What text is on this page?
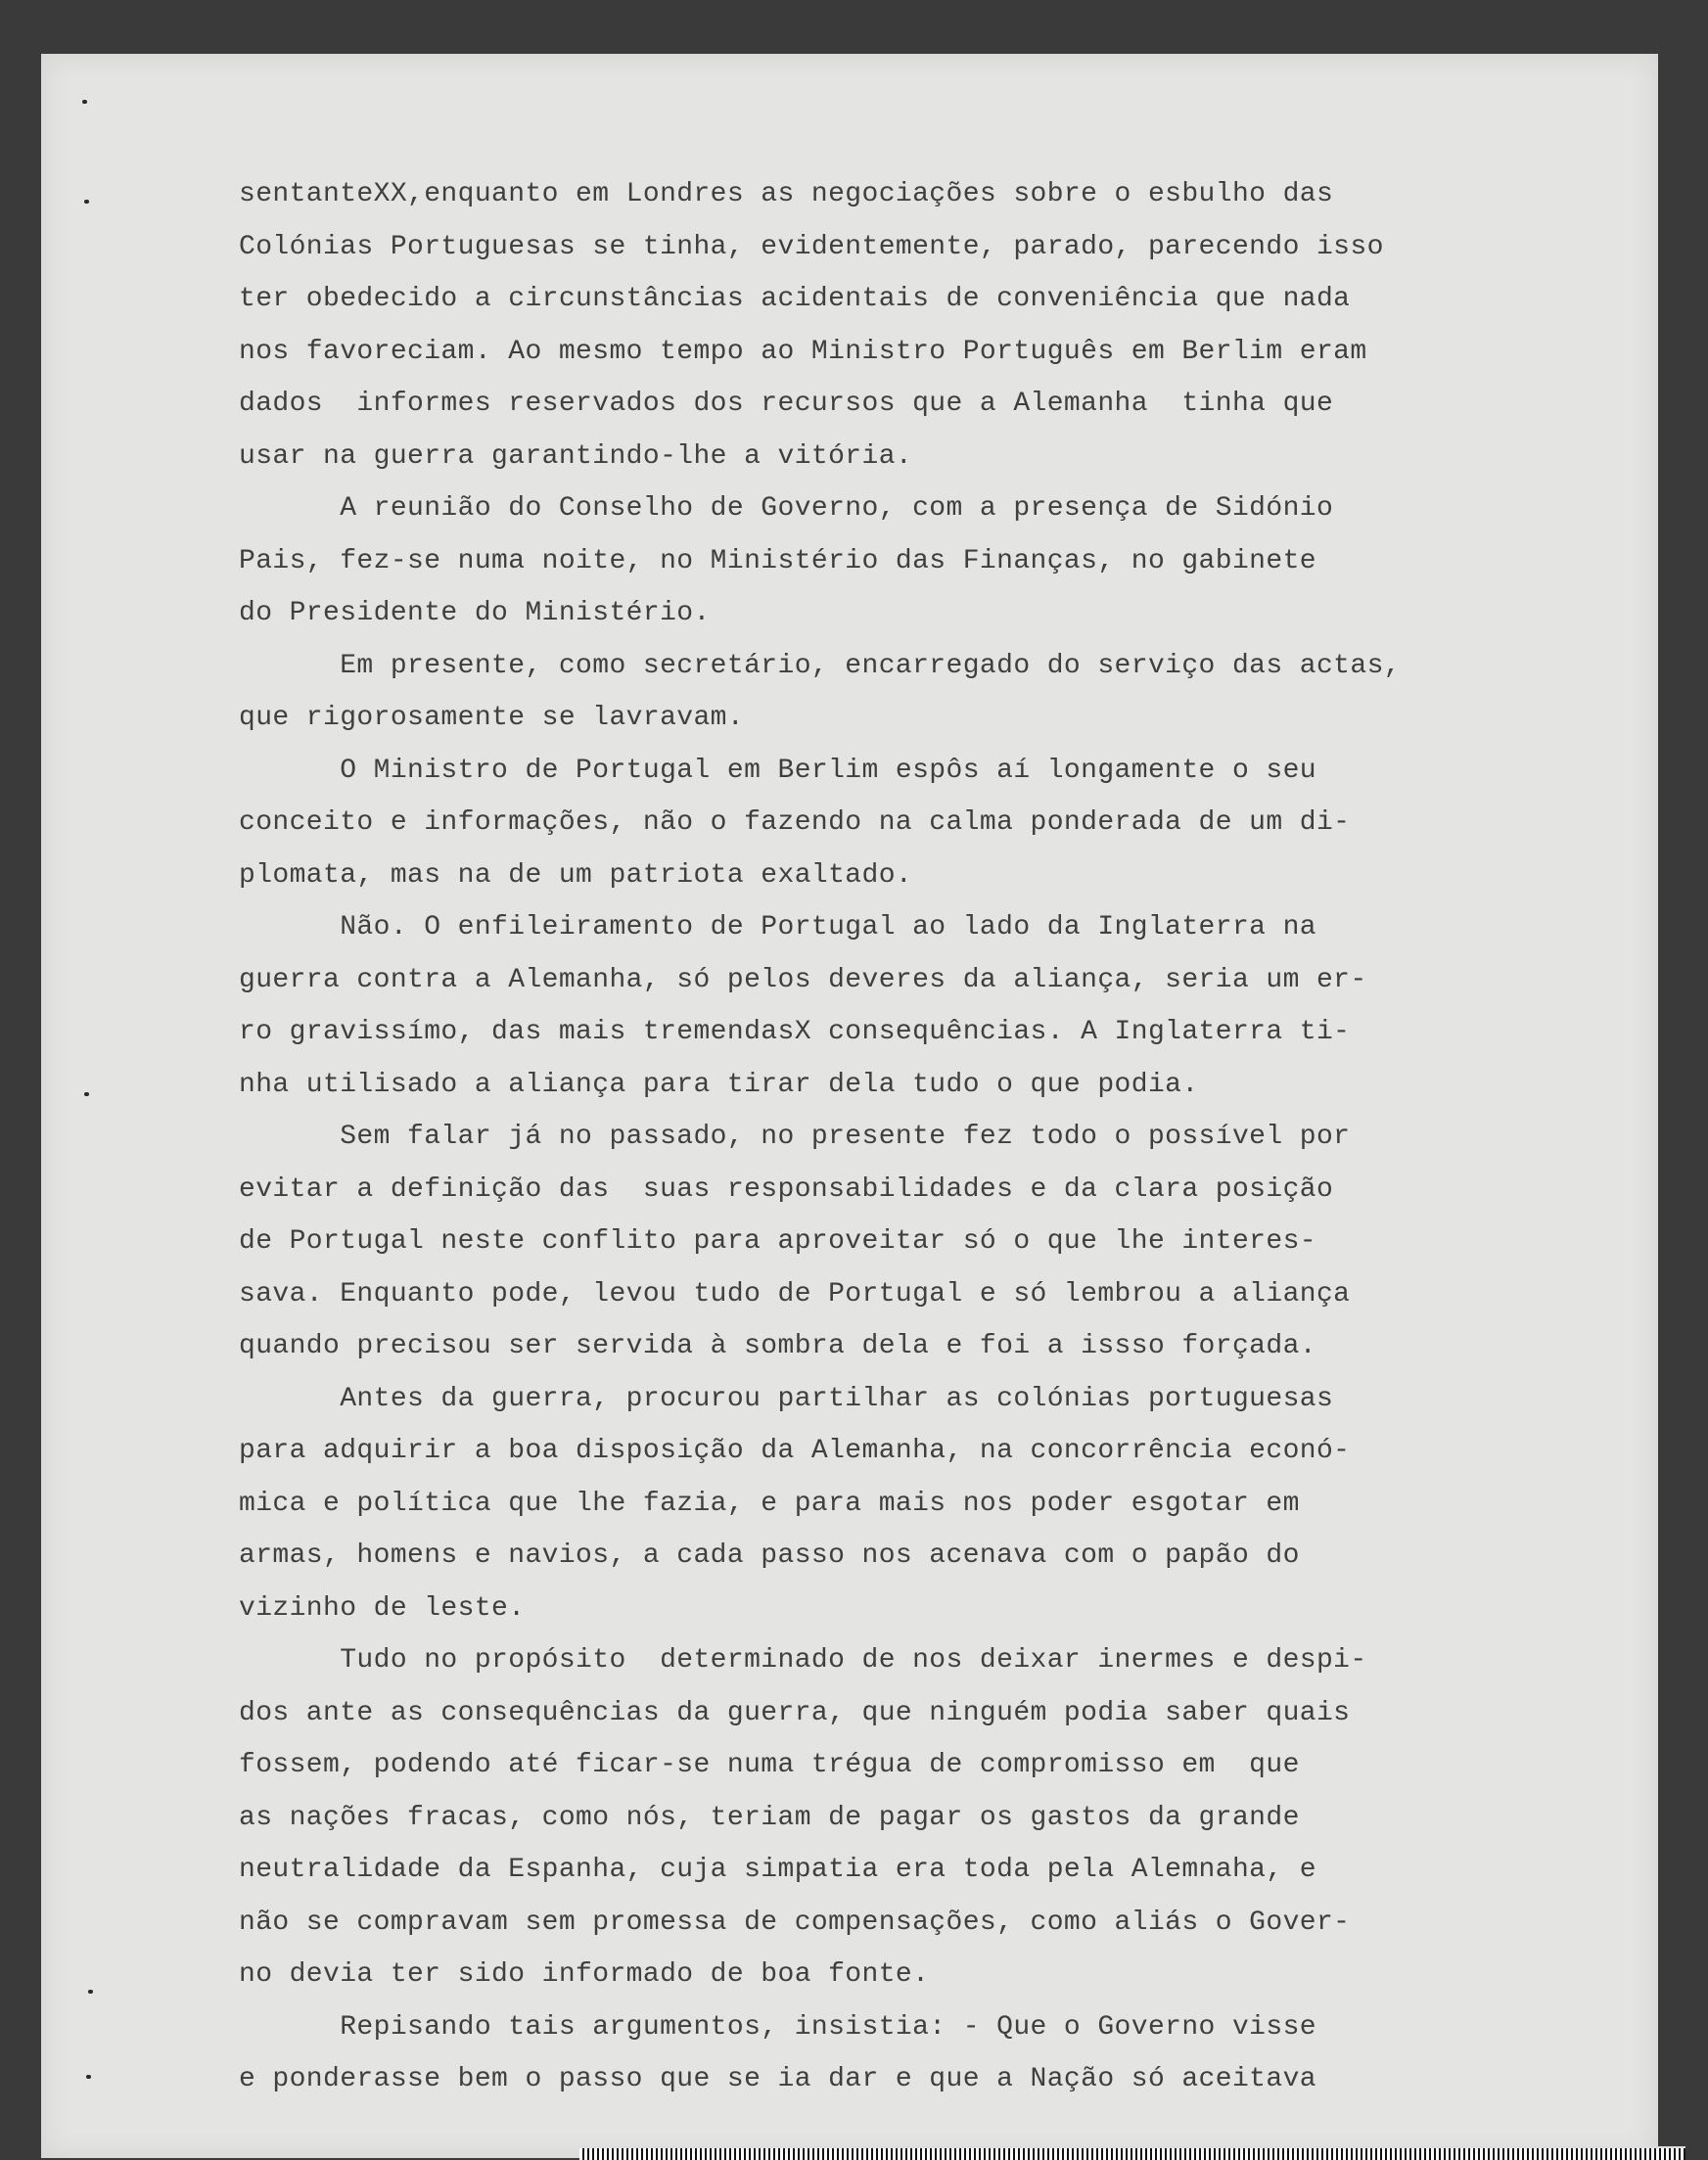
sentanteXX,enquanto em Londres as negociações sobre o esbulho das
Colónias Portuguesas se tinha, evidentemente, parado, parecendo isso
ter obedecido a circunstâncias acidentais de conveniência que nada
nos favoreciam. Ao mesmo tempo ao Ministro Português em Berlim eram
dados  informes reservados dos recursos que a Alemanha  tinha que
usar na guerra garantindo-lhe a vitória.
A reunião do Conselho de Governo, com a presença de Sidónio
Pais, fez-se numa noite, no Ministério das Finanças, no gabinete
do Presidente do Ministério.
Em presente, como secretário, encarregado do serviço das actas,
que rigorosamente se lavravam.
O Ministro de Portugal em Berlim espôs aí longamente o seu
conceito e informações, não o fazendo na calma ponderada de um di-
plomata, mas na de um patriota exaltado.
Não. O enfileiramento de Portugal ao lado da Inglaterra na
guerra contra a Alemanha, só pelos deveres da aliança, seria um er-
ro gravissímo, das mais tremendasX consequências. A Inglaterra ti-
nha utilisado a aliança para tirar dela tudo o que podia.
Sem falar já no passado, no presente fez todo o possível por
evitar a definição das  suas responsabilidades e da clara posição
de Portugal neste conflito para aproveitar só o que lhe interes-
sava. Enquanto pode, levou tudo de Portugal e só lembrou a aliança
quando precisou ser servida à sombra dela e foi a issso forçada.
Antes da guerra, procurou partilhar as colónias portuguesas
para adquirir a boa disposição da Alemanha, na concorrência econó-
mica e política que lhe fazia, e para mais nos poder esgotar em
armas, homens e navios, a cada passo nos acenava com o papão do
vizinho de leste.
Tudo no propósito  determinado de nos deixar inermes e despi-
dos ante as consequências da guerra, que ninguém podia saber quais
fossem, podendo até ficar-se numa trégua de compromisso em  que
as nações fracas, como nós, teriam de pagar os gastos da grande
neutralidade da Espanha, cuja simpatia era toda pela Alemnaha, e
não se compravam sem promessa de compensações, como aliás o Gover-
no devia ter sido informado de boa fonte.
Repisando tais argumentos, insistia: - Que o Governo visse
e ponderasse bem o passo que se ia dar e que a Nação só aceitava
